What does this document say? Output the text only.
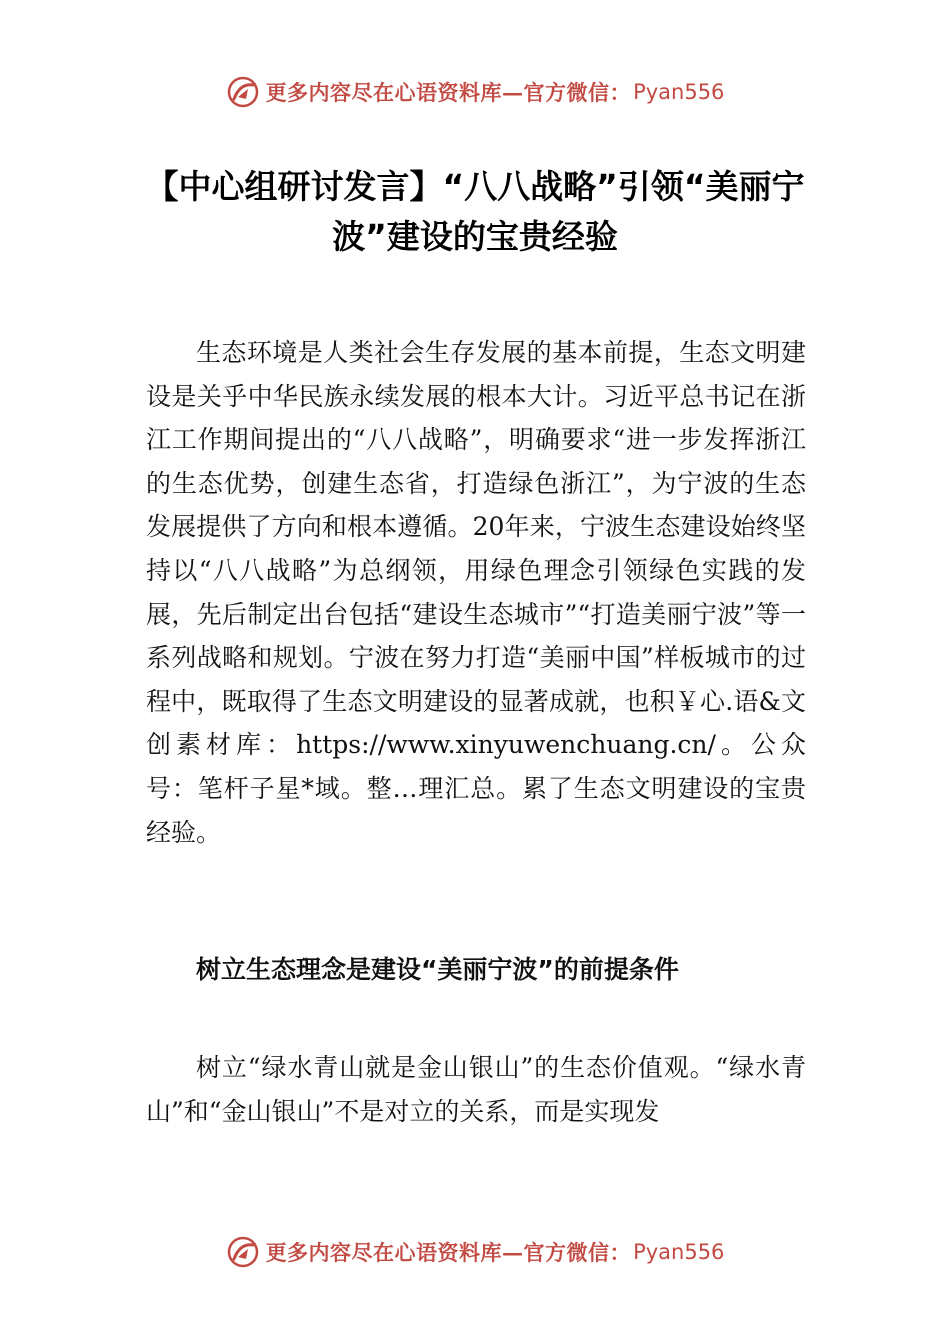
更多内容尽在心语资料库—官方微信： Pyan556
【中心组研讨发言】“八八战略”引领“美丽宁波”建设的宝贵经验

生态环境是人类社会生存发展的基本前提，生态文明建设是关乎中华民族永续发展的根本大计。习近平总书记在浙江工作期间提出的“八八战略”，明确要求“进一步发挥浙江的生态优势，创建生态省，打造绿色浙江”，为宁波的生态发展提供了方向和根本遵循。20年来，宁波生态建设始终坚持以“八八战略”为总纲领，用绿色理念引领绿色实践的发展，先后制定出台包括“建设生态城市”“打造美丽宁波”等一系列战略和规划。宁波在努力打造“美丽中国”样板城市的过程中，既取得了生态文明建设的显著成就，也积￥心.语&文创素材库：https://www.xinyuwenchuang.cn/。公众号：笔杆子星*域。整…理汇总。累了生态文明建设的宝贵经验。

树立生态理念是建设“美丽宁波”的前提条件

树立“绿水青山就是金山银山”的生态价值观。“绿水青山”和“金山银山”不是对立的关系，而是实现发

更多内容尽在心语资料库—官方微信： Pyan556
